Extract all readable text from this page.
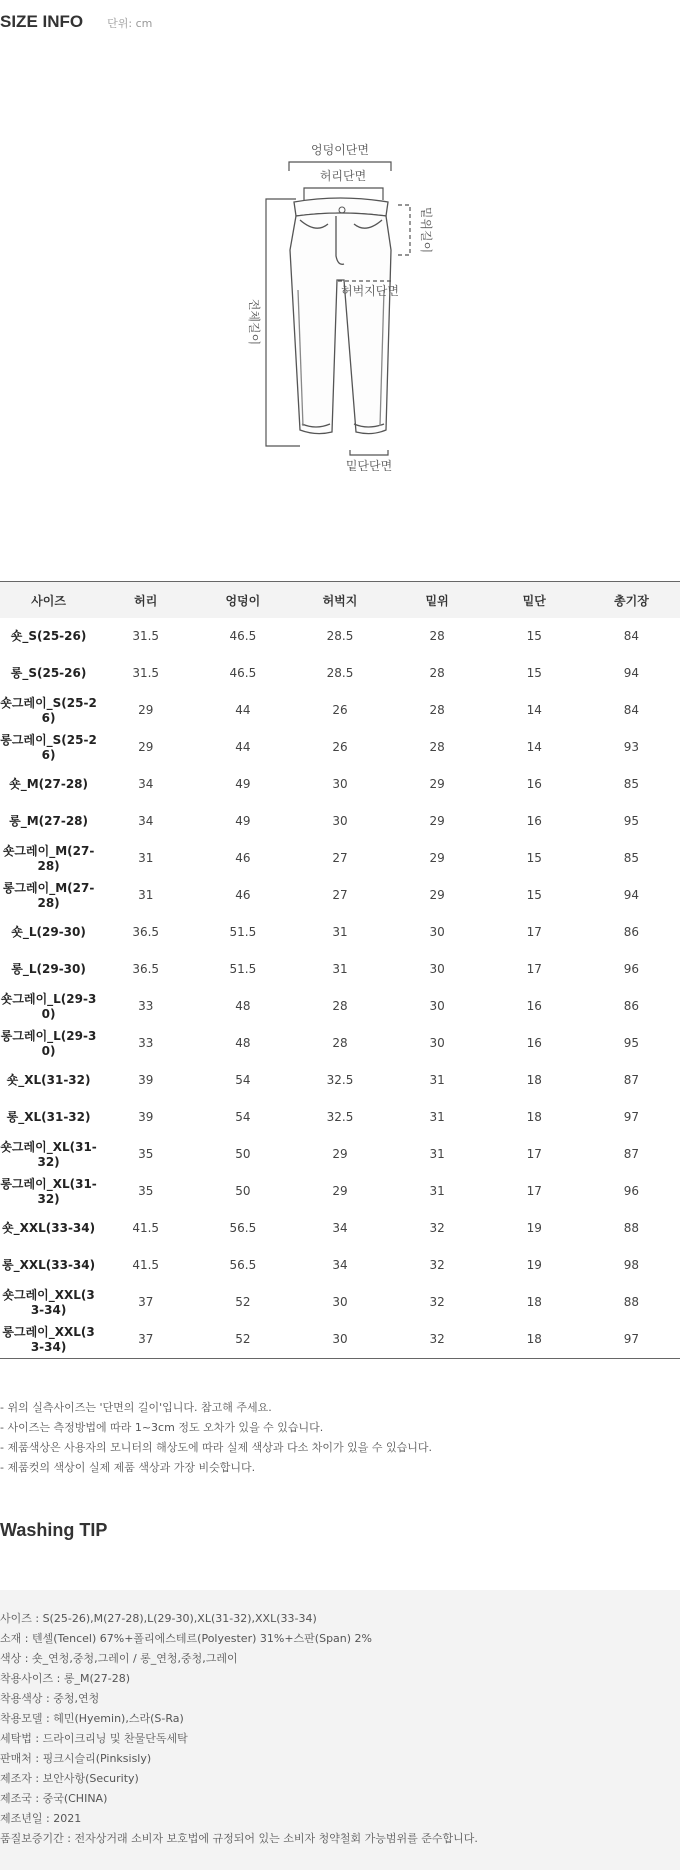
SIZE INFO 단위: cm
엉덩이단면
허리단면
허벅지단면
밑단단면
밑위길이
전체길이
사이즈	허리	엉덩이	허벅지	밑위	밑단	총기장
숏_S(25-26)	31.5	46.5	28.5	28	15	84
롱_S(25-26)	31.5	46.5	28.5	28	15	94
숏그레이_S(25-26)	29	44	26	28	14	84
롱그레이_S(25-26)	29	44	26	28	14	93
숏_M(27-28)	34	49	30	29	16	85
롱_M(27-28)	34	49	30	29	16	95
숏그레이_M(27-28)	31	46	27	29	15	85
롱그레이_M(27-28)	31	46	27	29	15	94
숏_L(29-30)	36.5	51.5	31	30	17	86
롱_L(29-30)	36.5	51.5	31	30	17	96
숏그레이_L(29-30)	33	48	28	30	16	86
롱그레이_L(29-30)	33	48	28	30	16	95
숏_XL(31-32)	39	54	32.5	31	18	87
롱_XL(31-32)	39	54	32.5	31	18	97
숏그레이_XL(31-32)	35	50	29	31	17	87
롱그레이_XL(31-32)	35	50	29	31	17	96
숏_XXL(33-34)	41.5	56.5	34	32	19	88
롱_XXL(33-34)	41.5	56.5	34	32	19	98
숏그레이_XXL(33-34)	37	52	30	32	18	88
롱그레이_XXL(33-34)	37	52	30	32	18	97
- 위의 실측사이즈는 '단면의 길이'입니다. 참고해 주세요.
- 사이즈는 측정방법에 따라 1~3cm 정도 오차가 있을 수 있습니다.
- 제품색상은 사용자의 모니터의 해상도에 따라 실제 색상과 다소 차이가 있을 수 있습니다.
- 제품컷의 색상이 실제 제품 색상과 가장 비슷합니다.
Washing TIP
사이즈 : S(25-26),M(27-28),L(29-30),XL(31-32),XXL(33-34)
소재 : 텐셀(Tencel) 67%+폴리에스테르(Polyester) 31%+스판(Span) 2%
색상 : 숏_연청,중청,그레이 / 롱_연청,중청,그레이
착용사이즈 : 롱_M(27-28)
착용색상 : 중청,연청
착용모델 : 헤민(Hyemin),스라(S-Ra)
세탁법 : 드라이크리닝 및 찬물단독세탁
판매처 : 핑크시슬리(Pinksisly)
제조자 : 보안사항(Security)
제조국 : 중국(CHINA)
제조년일 : 2021
품질보증기간 : 전자상거래 소비자 보호법에 규정되어 있는 소비자 청약철회 가능범위를 준수합니다.
